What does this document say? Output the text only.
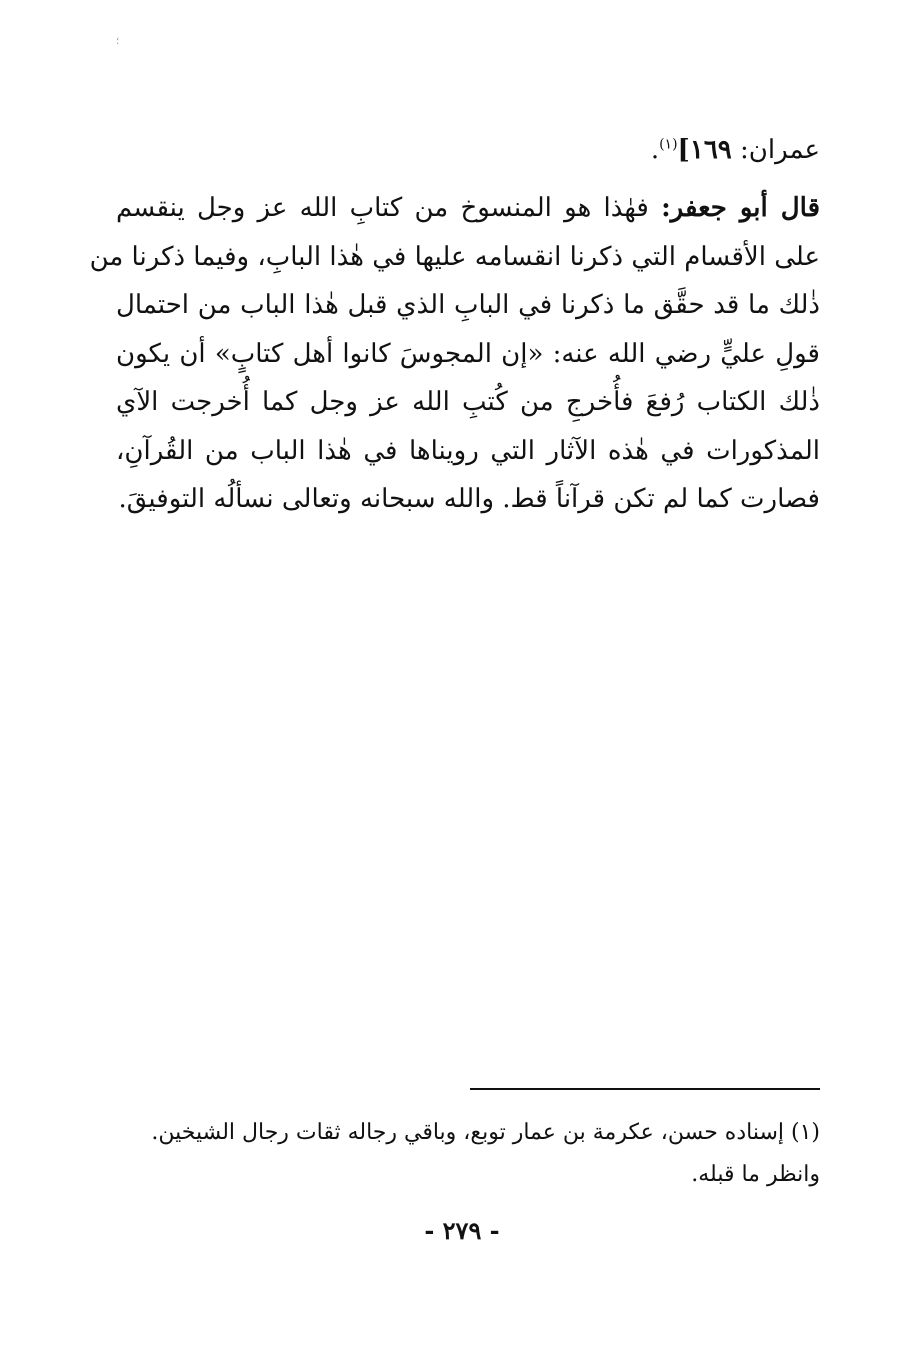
؛
عمران: ١٦٩]$^{(١)}$.
قال أبو جعفر: فهٰذا هو المنسوخ من كتابِ الله عز وجل ينقسم
على الأقسام التي ذكرنا انقسامه عليها في هٰذا البابِ، وفيما ذكرنا من
ذٰلك ما قد حقَّق ما ذكرنا في البابِ الذي قبل هٰذا الباب من احتمال
قولِ عليٍّ رضي الله عنه: «إن المجوسَ كانوا أهل كتابٍ» أن يكون
ذٰلك الكتاب رُفعَ فأُخرجِ من كُتبِ الله عز وجل كما أُخرجت الآي
المذكورات في هٰذه الآثار التي رويناها في هٰذا الباب من القُرآنِ،
فصارت كما لم تكن قرآناً قط. والله سبحانه وتعالى نسألُه التوفيقَ.
(١) إسناده حسن، عكرمة بن عمار توبع، وباقي رجاله ثقات رجال الشيخين.
وانظر ما قبله.
- ٢٧٩ -
